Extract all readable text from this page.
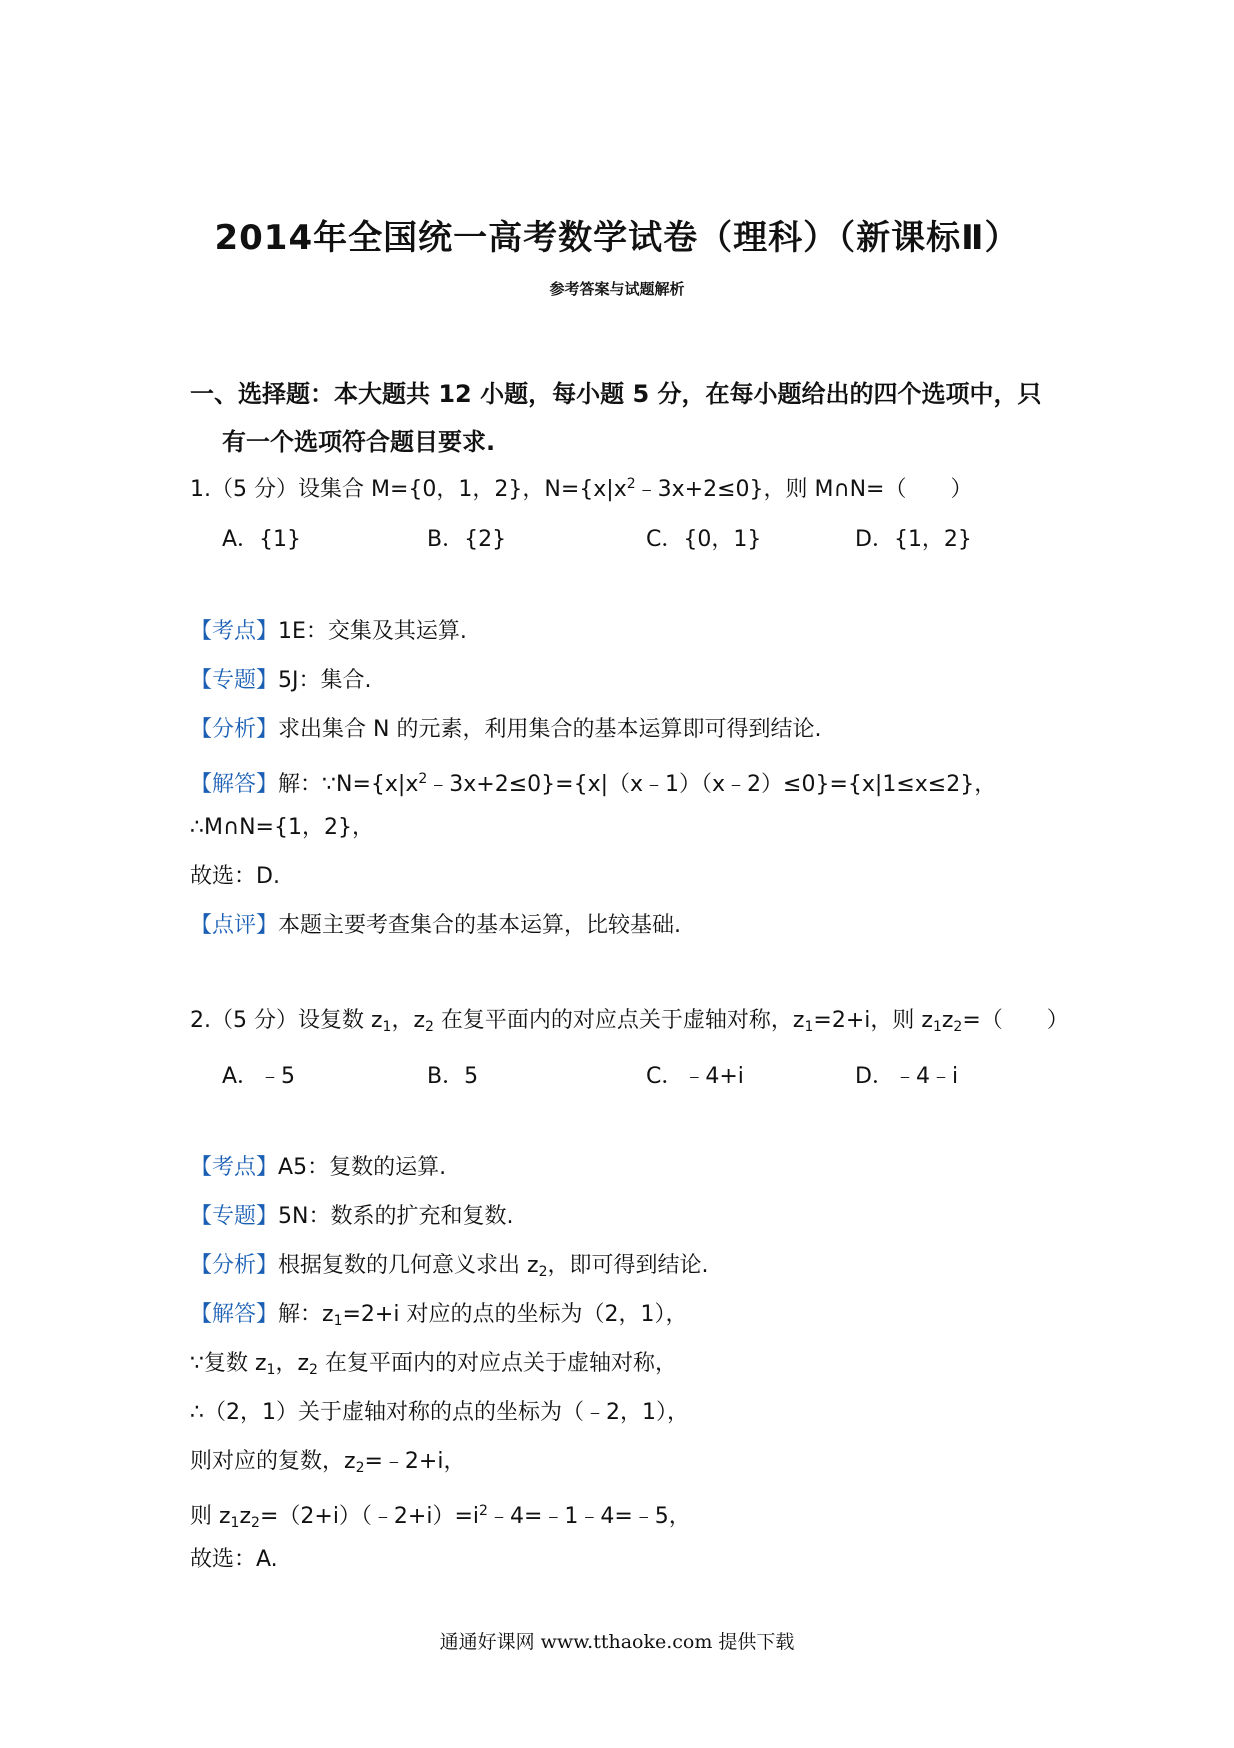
2014年全国统一高考数学试卷（理科）（新课标Ⅱ）
参考答案与试题解析
一、选择题：本大题共 12 小题，每小题 5 分，在每小题给出的四个选项中，只
有一个选项符合题目要求.
1.（5 分）设集合 M={0，1，2}，$N=\{x|x^2﹣3x+2\le 0\}$，则 M∩N=（　　）
A．{1}	B．{2}	C．{0，1}	D．{1，2}
【考点】1E：交集及其运算.
【专题】5J：集合.
【分析】求出集合 N 的元素，利用集合的基本运算即可得到结论.
【解答】解：$\because N=\{x|x^2﹣3x+2\le 0\}=\{x|(x﹣1)(x﹣2)\le 0\}=\{x|1\le x\le 2\}$，
∴M∩N={1，2}，
故选：D.
【点评】本题主要考查集合的基本运算，比较基础.
2.（5 分）设复数 $z_1$，$z_2$ 在复平面内的对应点关于虚轴对称，$z_1=2+i$，则 $z_1z_2=$（　　）
A．﹣5	B．5	C．﹣4+i	D．﹣4﹣i
【考点】A5：复数的运算.
【专题】5N：数系的扩充和复数.
【分析】根据复数的几何意义求出 $z_2$，即可得到结论.
【解答】解：$z_1=2+i$ 对应的点的坐标为（2，1），
∵复数 $z_1$，$z_2$ 在复平面内的对应点关于虚轴对称，
∴（2，1）关于虚轴对称的点的坐标为（﹣2，1），
则对应的复数，$z_2=﹣2+i$，
则 $z_1z_2=(2+i)(﹣2+i)=i^2﹣4=﹣1﹣4=﹣5$，
故选：A.
通通好课网 www.tthaoke.com 提供下载
